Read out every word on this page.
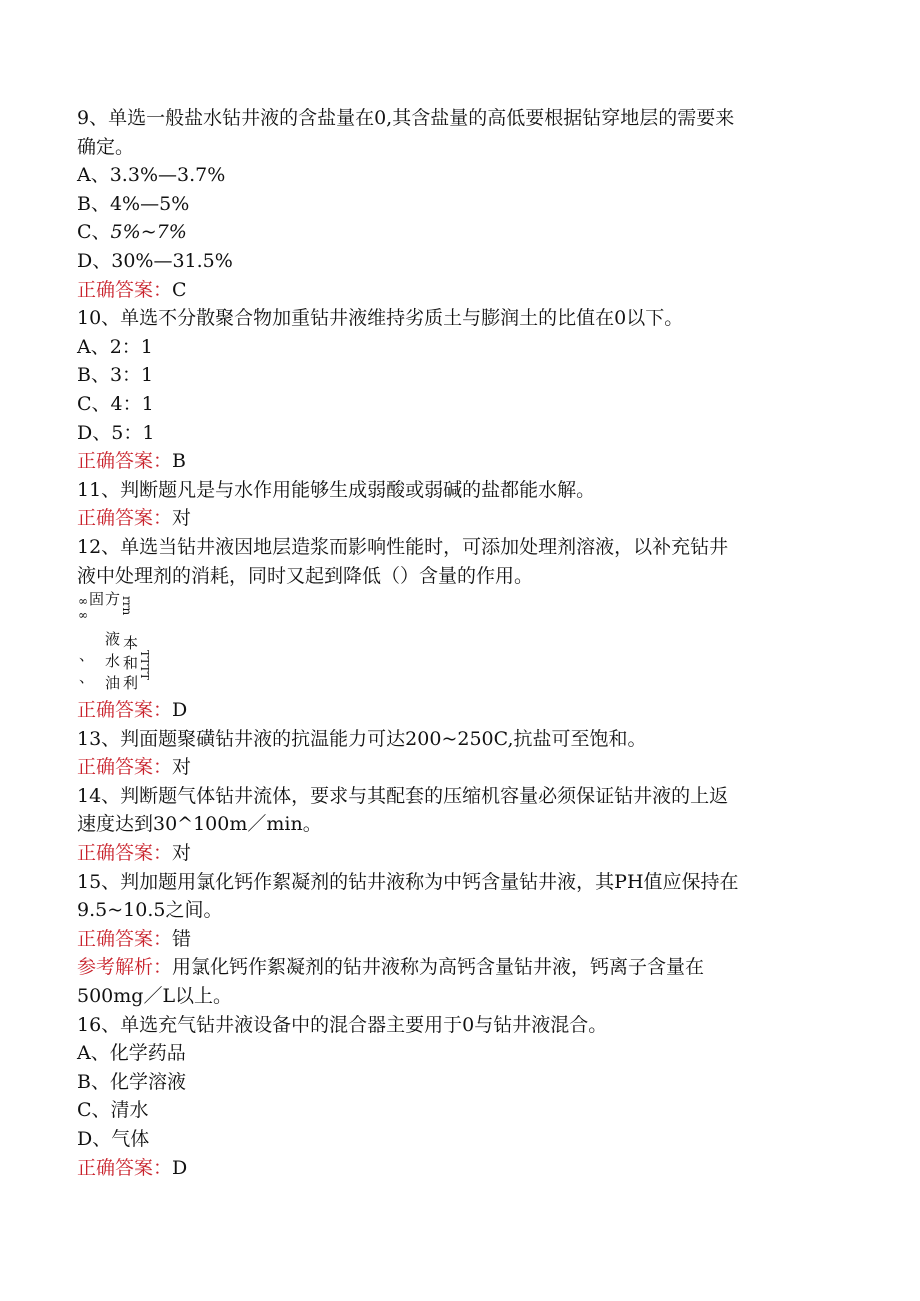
9、单选一般盐水钻井液的含盐量在0,其含盐量的高低要根据钻穿地层的需要来
确定。
A、3.3%—3.7%
B、4%—5%
C、5%~7%
D、30%—31.5%
正确答案：C
10、单选不分散聚合物加重钻井液维持劣质土与膨润土的比值在0以下。
A、2：1
B、3：1
C、4：1
D、5：1
正确答案：B
11、判断题凡是与水作用能够生成弱酸或弱碱的盐都能水解。
正确答案：对
12、单选当钻井液因地层造浆而影响性能时，可添加处理剂溶液，以补充钻井
液中处理剂的消耗，同时又起到降低（）含量的作用。
∞∞ 固
、
、
方
液
水
油
rrn
本
和
利
TTTT
正确答案：D
13、判面题聚磺钻井液的抗温能力可达200~250C,抗盐可至饱和。
正确答案：对
14、判断题气体钻井流体，要求与其配套的压缩机容量必须保证钻井液的上返
速度达到30^100m／min。
正确答案：对
15、判加题用氯化钙作絮凝剂的钻井液称为中钙含量钻井液，其PH值应保持在
9.5~10.5之间。
正确答案：错
参考解析：用氯化钙作絮凝剂的钻井液称为高钙含量钻井液，钙离子含量在
500mg／L以上。
16、单选充气钻井液设备中的混合器主要用于0与钻井液混合。
A、化学药品
B、化学溶液
C、清水
D、气体
正确答案：D
